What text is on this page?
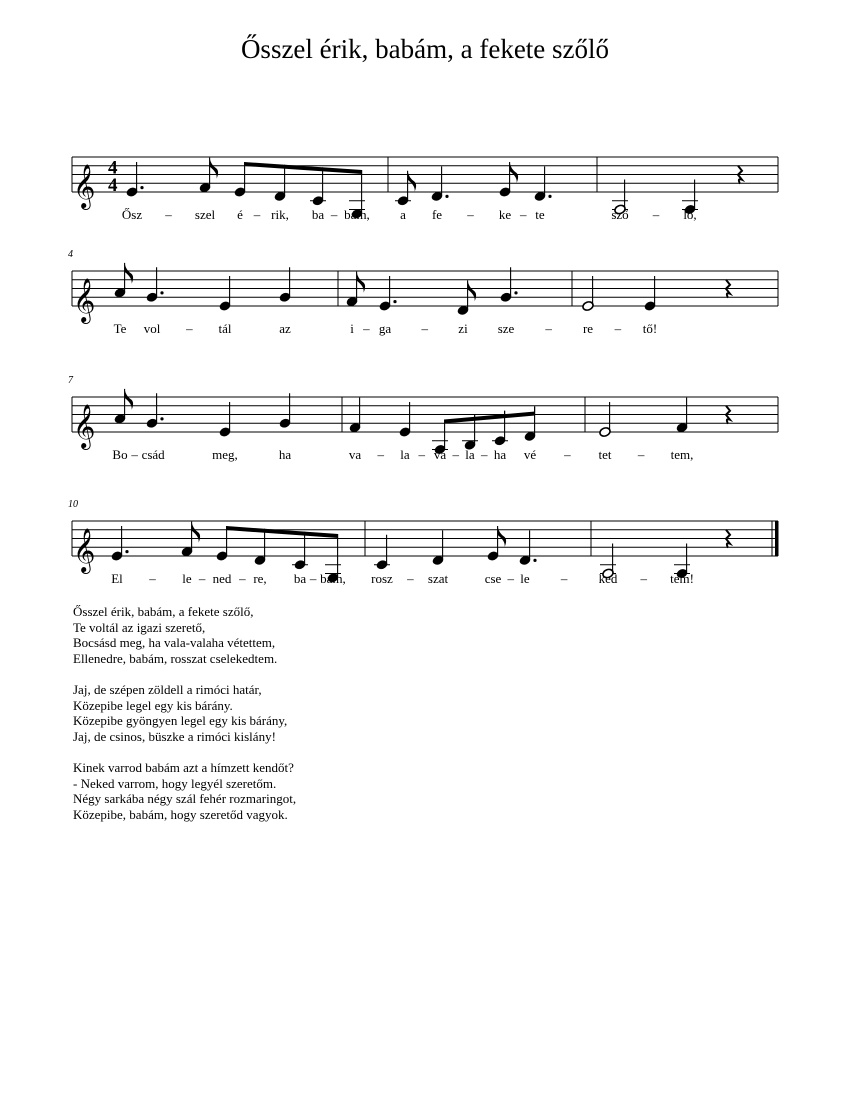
Ősszel érik, babám, a fekete szőlő
𝄞 4
4
Ősz	szel é rik, ba bám, a fe	ke te	sző	lő,
–	–	–	–	–	–
𝄞
4
Te vol	tál	az	i ga	zi sze	re	tő!
–	–	–	–	–
𝄞
7
Bo csád	meg,	ha	va	la va la ha vé	tet	tem,
–	–	– – –	–	–
𝄞
10
El	le ned re, ba bám, rosz	szat	cse le	ked	tem!
–	–	–	–	–	–	–	–
Ősszel érik, babám, a fekete szőlő,
Te voltál az igazi szerető,
Bocsásd meg, ha vala-valaha vétettem,
Ellenedre, babám, rosszat cselekedtem.
Jaj, de szépen zöldell a rimóci határ,
Közepibe legel egy kis bárány.
Közepibe gyöngyen legel egy kis bárány,
Jaj, de csinos, büszke a rimóci kislány!
Kinek varrod babám azt a hímzett kendőt?
- Neked varrom, hogy legyél szeretőm.
Négy sarkába négy szál fehér rozmaringot,
Közepibe, babám, hogy szeretőd vagyok.
